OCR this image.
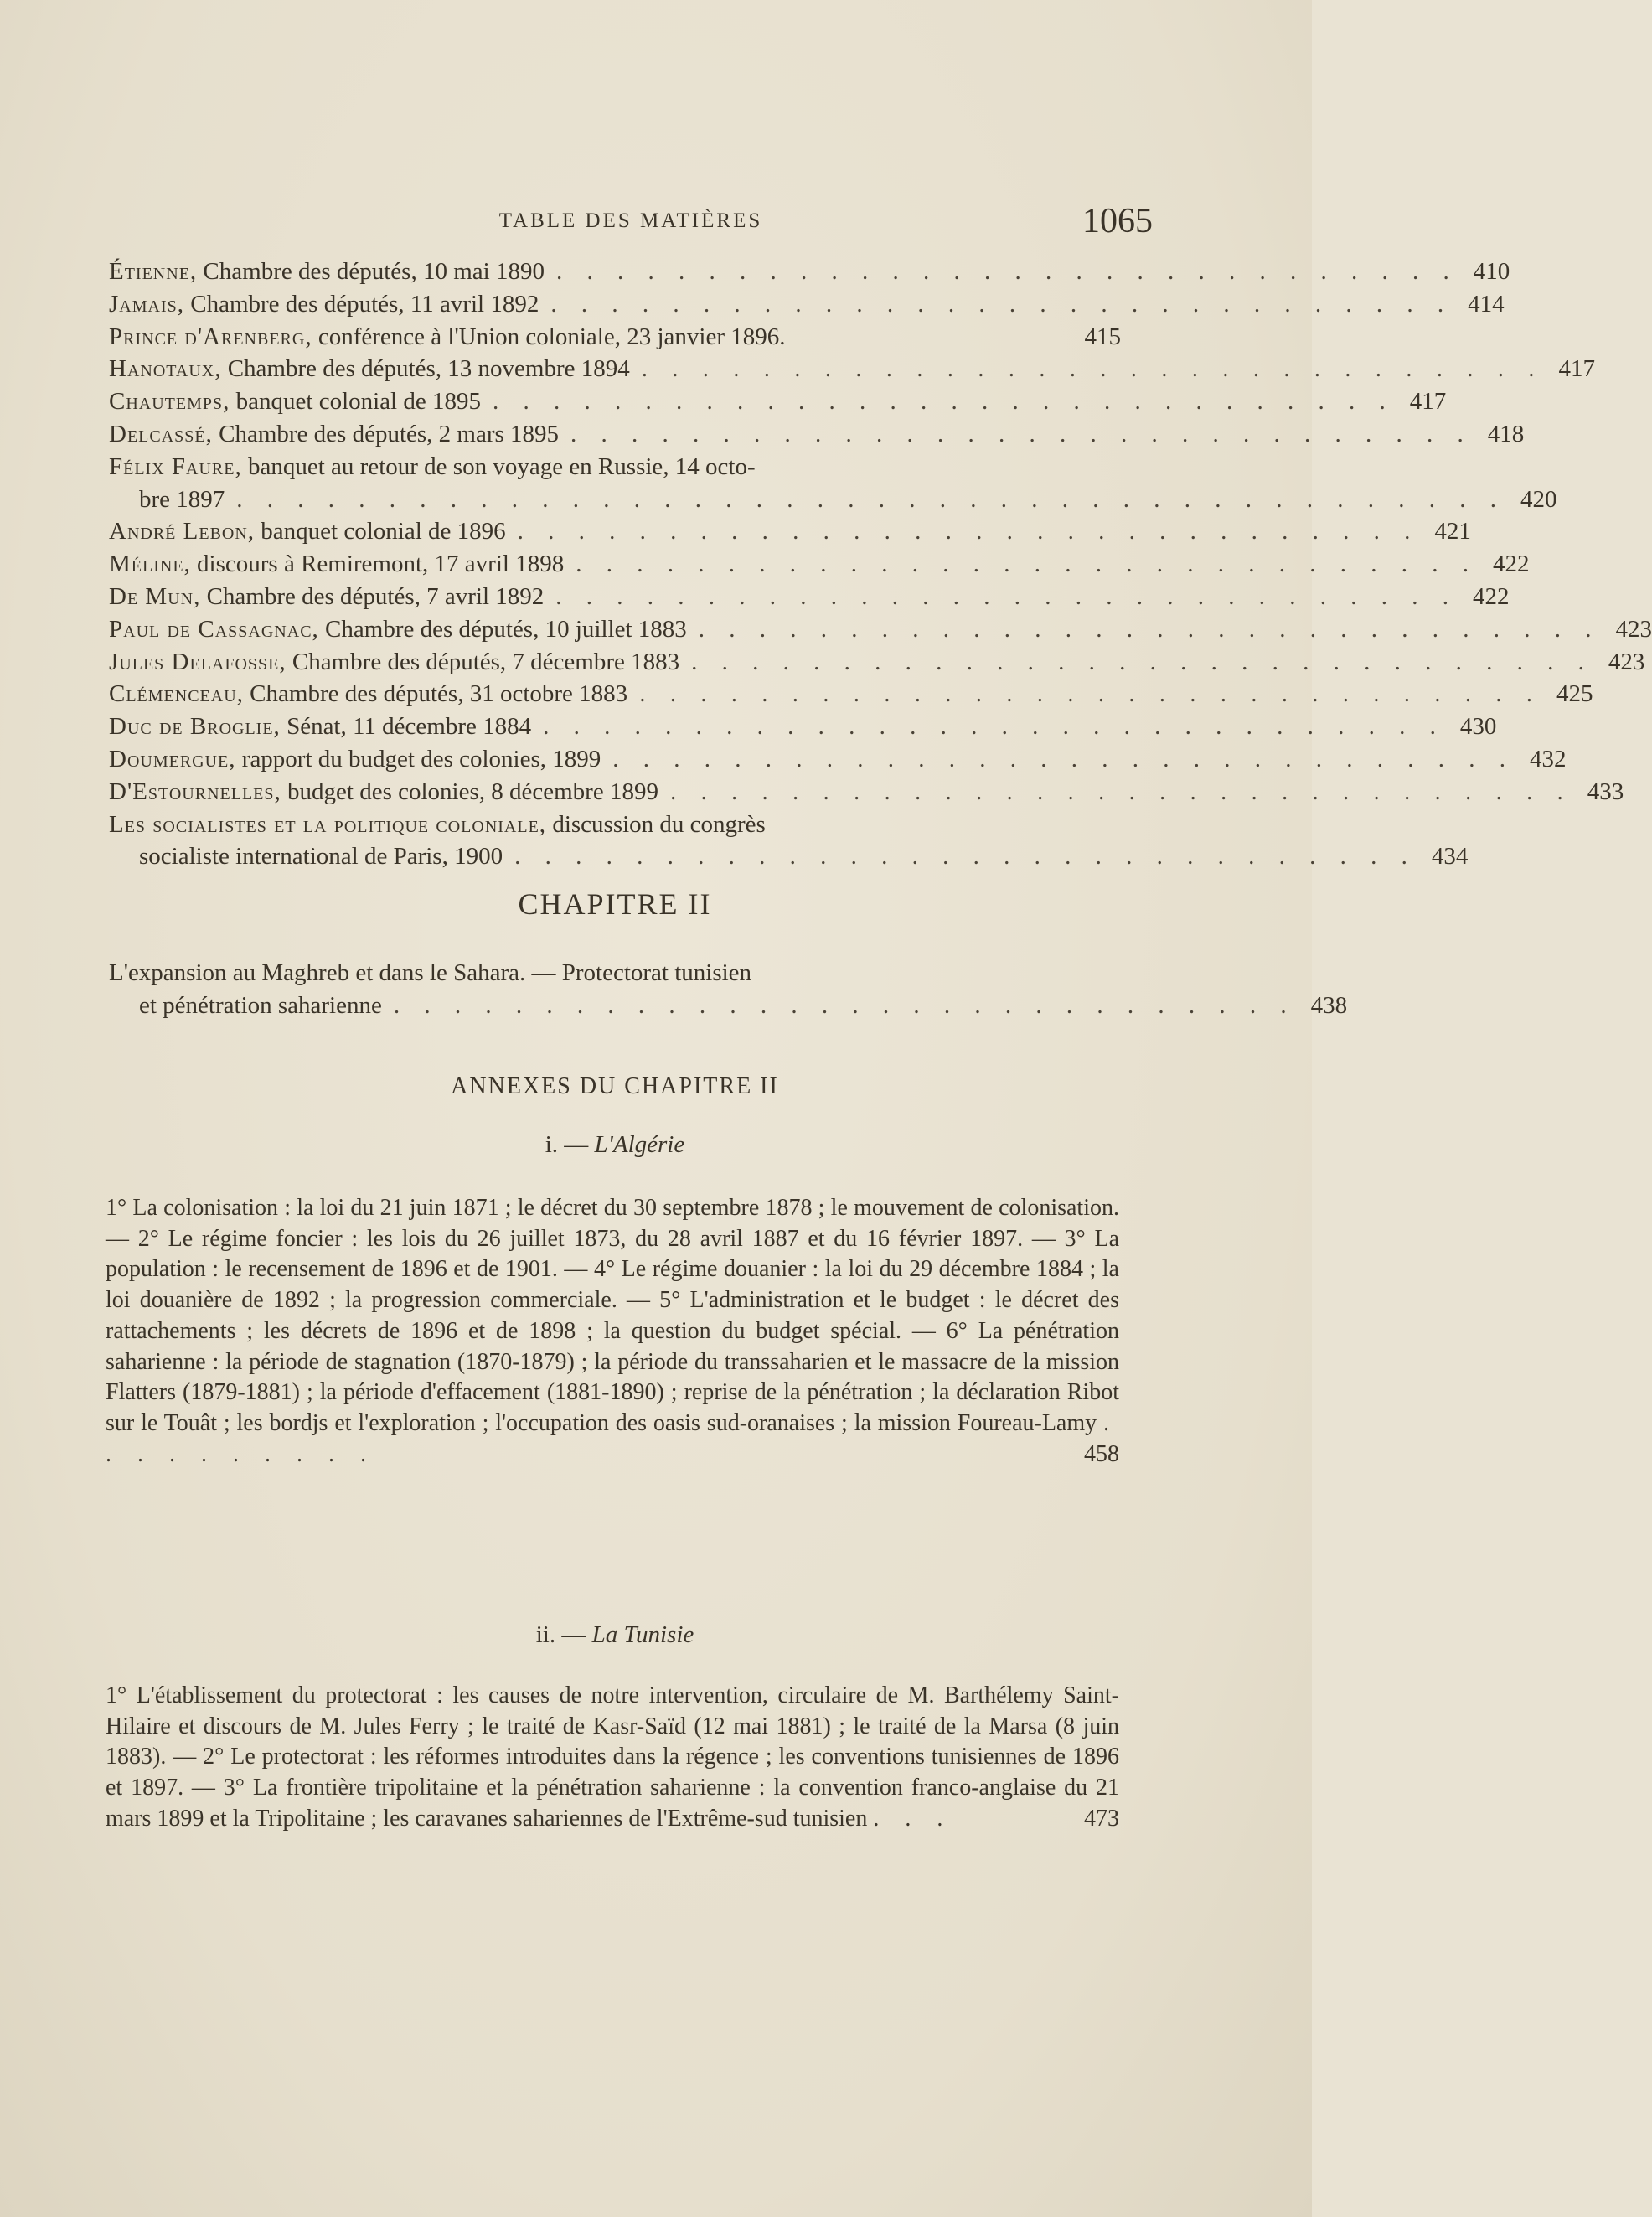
TABLE DES MATIÈRES	1065
Étienne, Chambre des députés, 10 mai 1890 . . . . . . . . . . . . . . . . . . . . . . . . . . . . . . 410
Jamais, Chambre des députés, 11 avril 1892 . . . . . . . . . . . . . . . . . . . . . . . . . . . . . . 414
Prince d'Arenberg, conférence à l'Union coloniale, 23 janvier 1896.	415
Hanotaux, Chambre des députés, 13 novembre 1894 . . . . . . . . . . . . . . . . . . . . . . . . . . . . . . 417
Chautemps, banquet colonial de 1895 . . . . . . . . . . . . . . . . . . . . . . . . . . . . . . 417
Delcassé, Chambre des députés, 2 mars 1895 . . . . . . . . . . . . . . . . . . . . . . . . . . . . . . 418
Félix Faure, banquet au retour de son voyage en Russie, 14 octo-
bre 1897 . . . . . . . . . . . . . . . . . . . . . . . . . . . . . . . . . . . . . . . . . . 420
André Lebon, banquet colonial de 1896 . . . . . . . . . . . . . . . . . . . . . . . . . . . . . . 421
Méline, discours à Remiremont, 17 avril 1898 . . . . . . . . . . . . . . . . . . . . . . . . . . . . . . 422
De Mun, Chambre des députés, 7 avril 1892 . . . . . . . . . . . . . . . . . . . . . . . . . . . . . . 422
Paul de Cassagnac, Chambre des députés, 10 juillet 1883 . . . . . . . . . . . . . . . . . . . . . . . . . . . . . . 423
Jules Delafosse, Chambre des députés, 7 décembre 1883 . . . . . . . . . . . . . . . . . . . . . . . . . . . . . . 423
Clémenceau, Chambre des députés, 31 octobre 1883 . . . . . . . . . . . . . . . . . . . . . . . . . . . . . . 425
Duc de Broglie, Sénat, 11 décembre 1884 . . . . . . . . . . . . . . . . . . . . . . . . . . . . . . 430
Doumergue, rapport du budget des colonies, 1899 . . . . . . . . . . . . . . . . . . . . . . . . . . . . . . 432
D'Estournelles, budget des colonies, 8 décembre 1899 . . . . . . . . . . . . . . . . . . . . . . . . . . . . . . 433
Les socialistes et la politique coloniale, discussion du congrès
socialiste international de Paris, 1900 . . . . . . . . . . . . . . . . . . . . . . . . . . . . . . 434
CHAPITRE II
L'expansion au Maghreb et dans le Sahara. — Protectorat tunisien
et pénétration saharienne . . . . . . . . . . . . . . . . . . . . . . . . . . . . . . 438
ANNEXES DU CHAPITRE II
i. — L'Algérie
1° La colonisation : la loi du 21 juin 1871 ; le décret du 30 septembre 1878 ; le mouvement de colonisation. — 2° Le régime foncier : les lois du 26 juillet 1873, du 28 avril 1887 et du 16 février 1897. — 3° La population : le recensement de 1896 et de 1901. — 4° Le régime douanier : la loi du 29 décembre 1884 ; la loi douanière de 1892 ; la progression commerciale. — 5° L'administration et le budget : le décret des rattachements ; les décrets de 1896 et de 1898 ; la question du budget spécial. — 6° La pénétration saharienne : la période de stagnation (1870-1879) ; la période du transsaharien et le massacre de la mission Flatters (1879-1881) ; la période d'effacement (1881-1890) ; reprise de la pénétration ; la déclaration Ribot sur le Touât ; les bordjs et l'exploration ; l'occupation des oasis sud-oranaises ; la mission Foureau-Lamy . . . . . . . . . .	458
ii. — La Tunisie
1° L'établissement du protectorat : les causes de notre intervention, circulaire de M. Barthélemy Saint-Hilaire et discours de M. Jules Ferry ; le traité de Kasr-Saïd (12 mai 1881) ; le traité de la Marsa (8 juin 1883). — 2° Le protectorat : les réformes introduites dans la régence ; les conventions tunisiennes de 1896 et 1897. — 3° La frontière tripolitaine et la pénétration saharienne : la convention franco-anglaise du 21 mars 1899 et la Tripolitaine ; les caravanes sahariennes de l'Extrême-sud tunisien . . .	473
